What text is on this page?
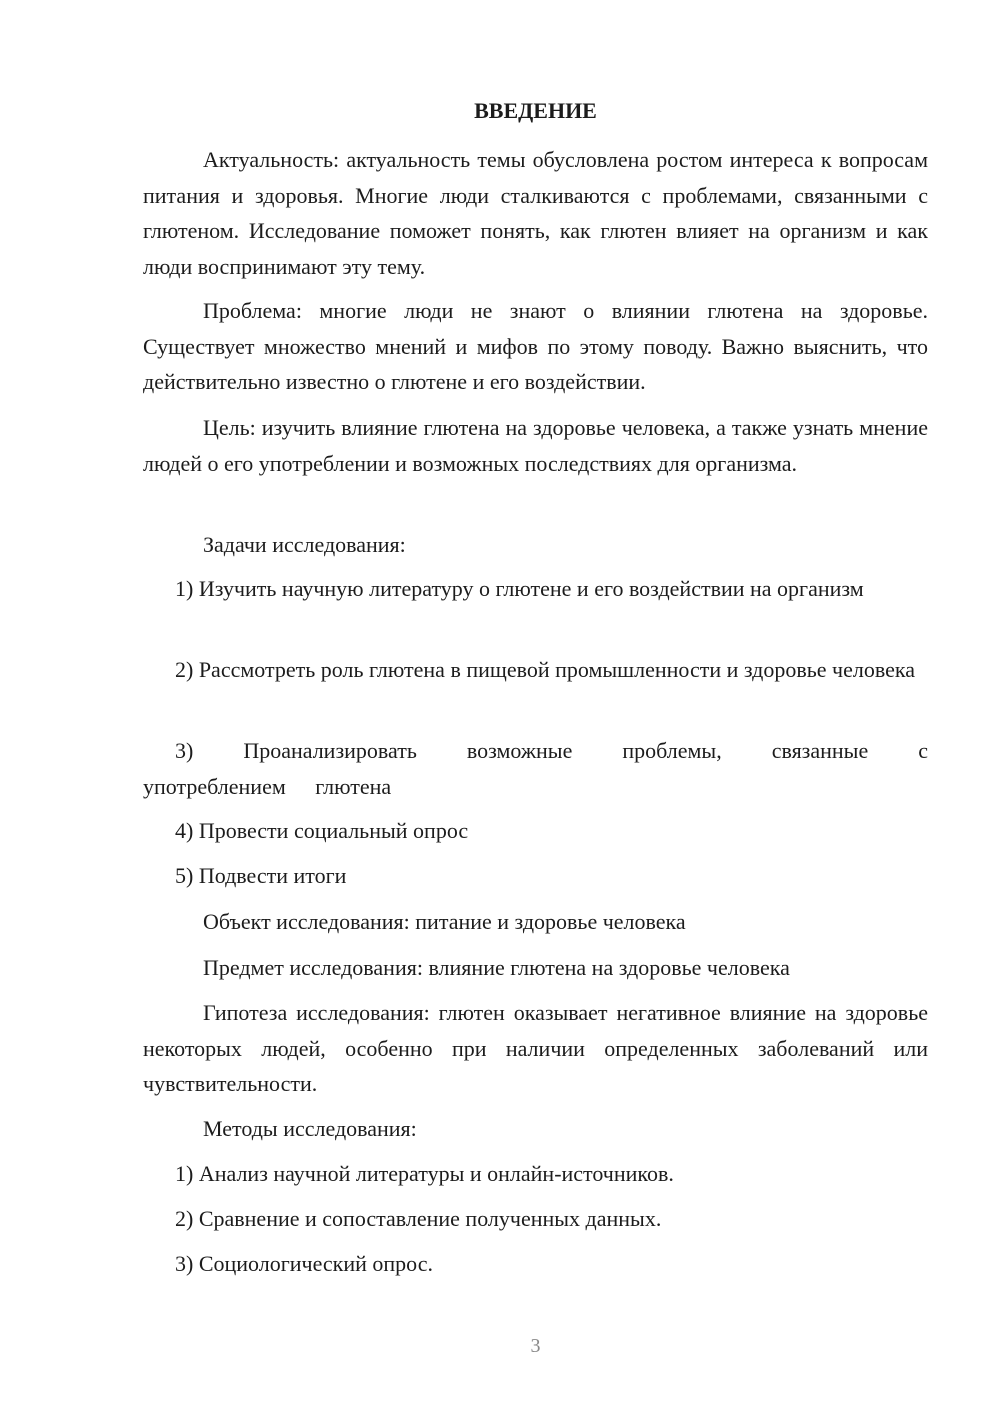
ВВЕДЕНИЕ

Актуальность: актуальность темы обусловлена ростом интереса к вопросам питания и здоровья. Многие люди сталкиваются с проблемами, связанными с глютеном. Исследование поможет понять, как глютен влияет на организм и как люди воспринимают эту тему.

Проблема: многие люди не знают о влиянии глютена на здоровье. Существует множество мнений и мифов по этому поводу. Важно выяснить, что действительно известно о глютене и его воздействии.

Цель: изучить влияние глютена на здоровье человека, а также узнать мнение людей о его употреблении и возможных последствиях для организма.

Задачи исследования:

1) Изучить научную литературу о глютене и его воздействии на организм

2) Рассмотреть роль глютена в пищевой промышленности и здоровье человека

3) Проанализировать возможные проблемы, связанные с употреблением глютена

4) Провести социальный опрос

5) Подвести итоги

Объект исследования: питание и здоровье человека

Предмет исследования: влияние глютена на здоровье человека

Гипотеза исследования: глютен оказывает негативное влияние на здоровье некоторых людей, особенно при наличии определенных заболеваний или чувствительности.

Методы исследования:

1) Анализ научной литературы и онлайн-источников.

2) Сравнение и сопоставление полученных данных.

3) Социологический опрос.

3
